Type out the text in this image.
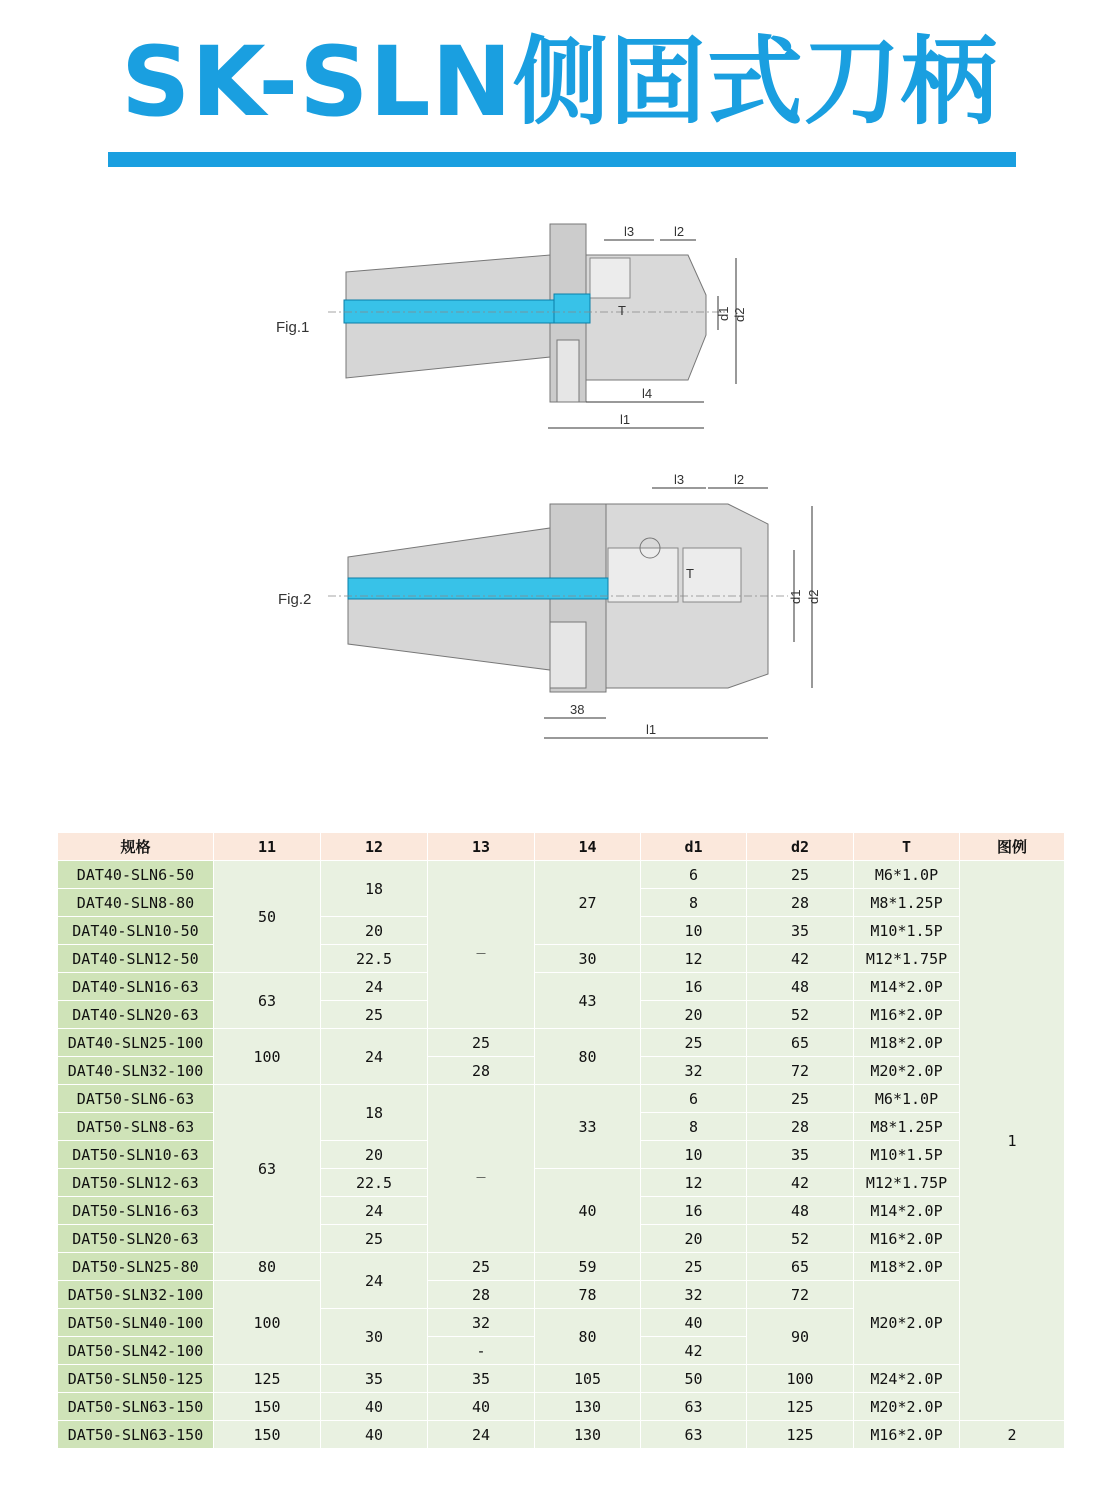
SK-SLN侧固式刀柄
Fig.1
l3	l2
T	d1 d2
l4
l1
Fig.2
l3	l2
T
d1 d2
38
l1
规格	11	12	13	14	d1	d2	T	图例
DAT40-SLN6-50	50	18	_	27	6	25	M6*1.0P	1
DAT40-SLN8-80					8	28	M8*1.25P	
DAT40-SLN10-50		20			10	35	M10*1.5P	
DAT40-SLN12-50		22.5		30	12	42	M12*1.75P	
DAT40-SLN16-63	63	24		43	16	48	M14*2.0P	
DAT40-SLN20-63		25			20	52	M16*2.0P	
DAT40-SLN25-100	100	24	25	80	25	65	M18*2.0P	
DAT40-SLN32-100			28		32	72	M20*2.0P	
DAT50-SLN6-63	63	18	_	33	6	25	M6*1.0P	
DAT50-SLN8-63					8	28	M8*1.25P	
DAT50-SLN10-63		20			10	35	M10*1.5P	
DAT50-SLN12-63		22.5		40	12	42	M12*1.75P	
DAT50-SLN16-63		24			16	48	M14*2.0P	
DAT50-SLN20-63		25			20	52	M16*2.0P	
DAT50-SLN25-80	80	24	25	59	25	65	M18*2.0P	
DAT50-SLN32-100	100		28	78	32	72	M20*2.0P	
DAT50-SLN40-100		30	32	80	40	90		
DAT50-SLN42-100			-		42			
DAT50-SLN50-125	125	35	35	105	50	100	M24*2.0P	
DAT50-SLN63-150	150	40	40	130	63	125	M20*2.0P	
DAT50-SLN63-150	150	40	24	130	63	125	M16*2.0P	2
